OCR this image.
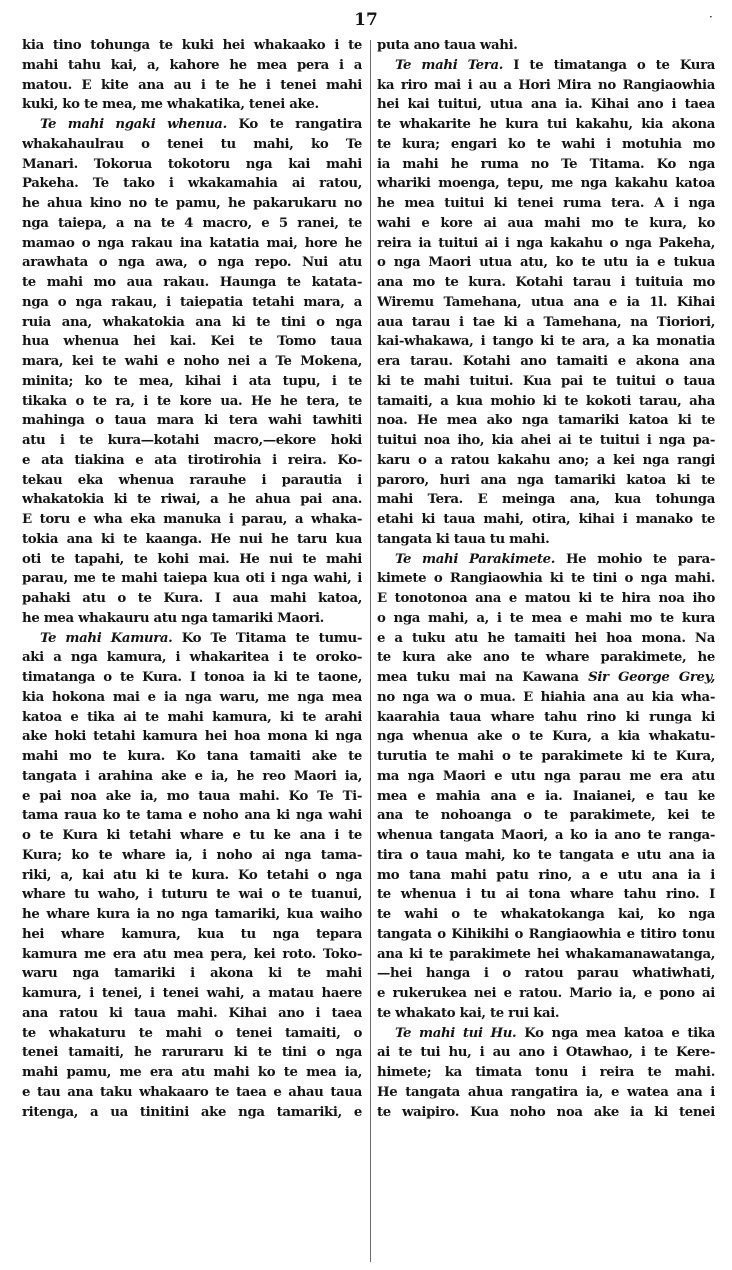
17	·
kia tino tohunga te kuki hei whakaako i te
mahi tahu kai, a, kahore he mea pera i a
matou. E kite ana au i te he i tenei mahi
kuki, ko te mea, me whakatika, tenei ake.
Te mahi ngaki whenua. Ko te rangatira
whakahaulrau o tenei tu mahi, ko Te
Manari. Tokorua tokotoru nga kai mahi
Pakeha. Te tako i wkakamahia ai ratou,
he ahua kino no te pamu, he pakarukaru no
nga taiepa, a na te 4 macro, e 5 ranei, te
mamao o nga rakau ina katatia mai, hore he
arawhata o nga awa, o nga repo. Nui atu
te mahi mo aua rakau. Haunga te katata-
nga o nga rakau, i taiepatia tetahi mara, a
ruia ana, whakatokia ana ki te tini o nga
hua whenua hei kai. Kei te Tomo taua
mara, kei te wahi e noho nei a Te Mokena,
minita; ko te mea, kihai i ata tupu, i te
tikaka o te ra, i te kore ua. He he tera, te
mahinga o taua mara ki tera wahi tawhiti
atu i te kura—kotahi macro,—ekore hoki
e ata tiakina e ata tirotirohia i reira. Ko-
tekau eka whenua rarauhe i parautia i
whakatokia ki te riwai, a he ahua pai ana.
E toru e wha eka manuka i parau, a whaka-
tokia ana ki te kaanga. He nui he taru kua
oti te tapahi, te kohi mai. He nui te mahi
parau, me te mahi taiepa kua oti i nga wahi, i
pahaki atu o te Kura. I aua mahi katoa,
he mea whakauru atu nga tamariki Maori.
Te mahi Kamura. Ko Te Titama te tumu-
aki a nga kamura, i whakaritea i te oroko-
timatanga o te Kura. I tonoa ia ki te taone,
kia hokona mai e ia nga waru, me nga mea
katoa e tika ai te mahi kamura, ki te arahi
ake hoki tetahi kamura hei hoa mona ki nga
mahi mo te kura. Ko tana tamaiti ake te
tangata i arahina ake e ia, he reo Maori ia,
e pai noa ake ia, mo taua mahi. Ko Te Ti-
tama raua ko te tama e noho ana ki nga wahi
o te Kura ki tetahi whare e tu ke ana i te
Kura; ko te whare ia, i noho ai nga tama-
riki, a, kai atu ki te kura. Ko tetahi o nga
whare tu waho, i tuturu te wai o te tuanui,
he whare kura ia no nga tamariki, kua waiho
hei whare kamura, kua tu nga tepara
kamura me era atu mea pera, kei roto. Toko-
waru nga tamariki i akona ki te mahi
kamura, i tenei, i tenei wahi, a matau haere
ana ratou ki taua mahi. Kihai ano i taea
te whakaturu te mahi o tenei tamaiti, o
tenei tamaiti, he raruraru ki te tini o nga
mahi pamu, me era atu mahi ko te mea ia,
e tau ana taku whakaaro te taea e ahau taua
ritenga, a ua tinitini ake nga tamariki, e
puta ano taua wahi.
Te mahi Tera. I te timatanga o te Kura
ka riro mai i au a Hori Mira no Rangiaowhia
hei kai tuitui, utua ana ia. Kihai ano i taea
te whakarite he kura tui kakahu, kia akona
te kura; engari ko te wahi i motuhia mo
ia mahi he ruma no Te Titama. Ko nga
whariki moenga, tepu, me nga kakahu katoa
he mea tuitui ki tenei ruma tera. A i nga
wahi e kore ai aua mahi mo te kura, ko
reira ia tuitui ai i nga kakahu o nga Pakeha,
o nga Maori utua atu, ko te utu ia e tukua
ana mo te kura. Kotahi tarau i tuituia mo
Wiremu Tamehana, utua ana e ia 1l. Kihai
aua tarau i tae ki a Tamehana, na Tioriori,
kai-whakawa, i tango ki te ara, a ka monatia
era tarau. Kotahi ano tamaiti e akona ana
ki te mahi tuitui. Kua pai te tuitui o taua
tamaiti, a kua mohio ki te kokoti tarau, aha
noa. He mea ako nga tamariki katoa ki te
tuitui noa iho, kia ahei ai te tuitui i nga pa-
karu o a ratou kakahu ano; a kei nga rangi
paroro, huri ana nga tamariki katoa ki te
mahi Tera. E meinga ana, kua tohunga
etahi ki taua mahi, otira, kihai i manako te
tangata ki taua tu mahi.
Te mahi Parakimete. He mohio te para-
kimete o Rangiaowhia ki te tini o nga mahi.
E tonotonoa ana e matou ki te hira noa iho
o nga mahi, a, i te mea e mahi mo te kura
e a tuku atu he tamaiti hei hoa mona. Na
te kura ake ano te whare parakimete, he
mea tuku mai na Kawana Sir George Grey,
no nga wa o mua. E hiahia ana au kia wha-
kaarahia taua whare tahu rino ki runga ki
nga whenua ake o te Kura, a kia whakatu-
turutia te mahi o te parakimete ki te Kura,
ma nga Maori e utu nga parau me era atu
mea e mahia ana e ia. Inaianei, e tau ke
ana te nohoanga o te parakimete, kei te
whenua tangata Maori, a ko ia ano te ranga-
tira o taua mahi, ko te tangata e utu ana ia
mo tana mahi patu rino, a e utu ana ia i
te whenua i tu ai tona whare tahu rino. I
te wahi o te whakatokanga kai, ko nga
tangata o Kihikihi o Rangiaowhia e titiro tonu
ana ki te parakimete hei whakamanawatanga,
—hei hanga i o ratou parau whatiwhati,
e rukerukea nei e ratou. Mario ia, e pono ai
te whakato kai, te rui kai.
Te mahi tui Hu. Ko nga mea katoa e tika
ai te tui hu, i au ano i Otawhao, i te Kere-
himete; ka timata tonu i reira te mahi.
He tangata ahua rangatira ia, e watea ana i
te waipiro. Kua noho noa ake ia ki tenei
